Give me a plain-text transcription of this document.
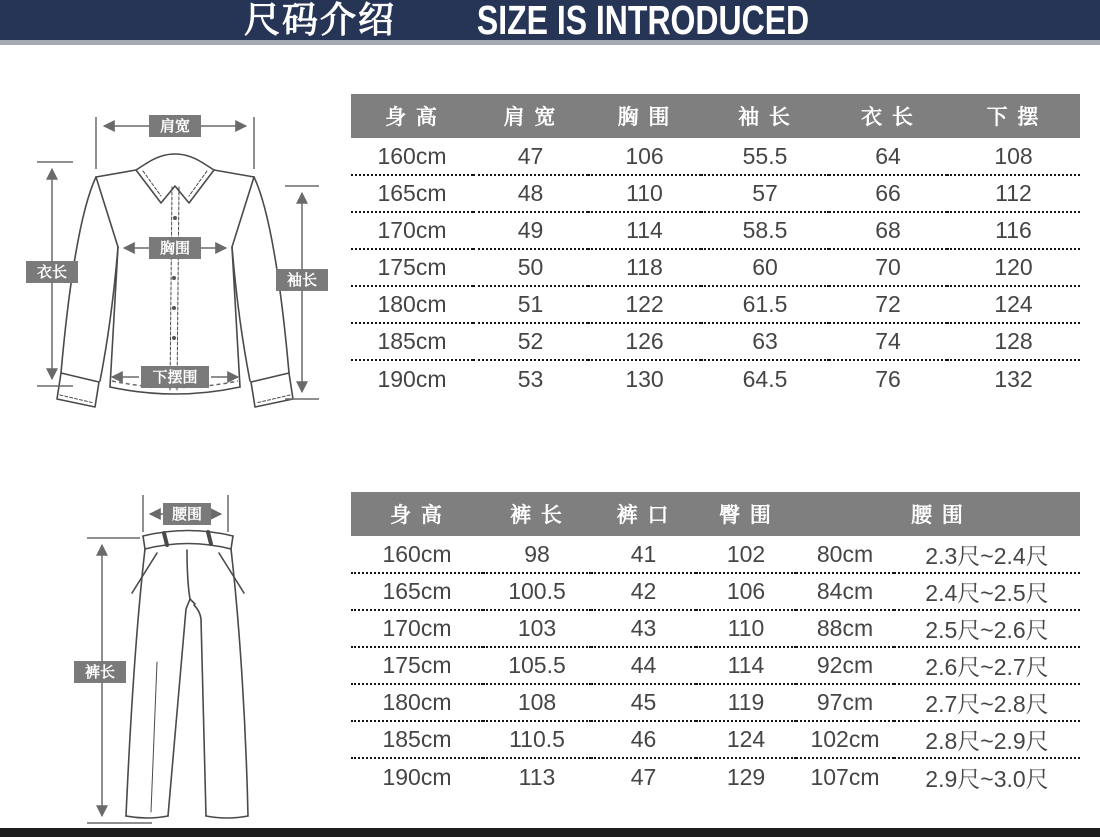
尺码介绍 SIZE IS INTRODUCED
肩宽
胸围
衣长	袖长
下摆围
身 高	肩 宽	胸 围	袖 长	衣 长	下 摆
160cm	47	106	55.5	64	108
165cm	48	110	57	66	112
170cm	49	114	58.5	68	116
175cm	50	118	60	70	120
180cm	51	122	61.5	72	124
185cm	52	126	63	74	128
190cm	53	130	64.5	76	132
腰围
裤长
身 高	裤 长	裤 口	臀 围	腰 围	
160cm	98	41	102	80cm	2.3尺~2.4尺
165cm	100.5	42	106	84cm	2.4尺~2.5尺
170cm	103	43	110	88cm	2.5尺~2.6尺
175cm	105.5	44	114	92cm	2.6尺~2.7尺
180cm	108	45	119	97cm	2.7尺~2.8尺
185cm	110.5	46	124	102cm	2.8尺~2.9尺
190cm	113	47	129	107cm	2.9尺~3.0尺
